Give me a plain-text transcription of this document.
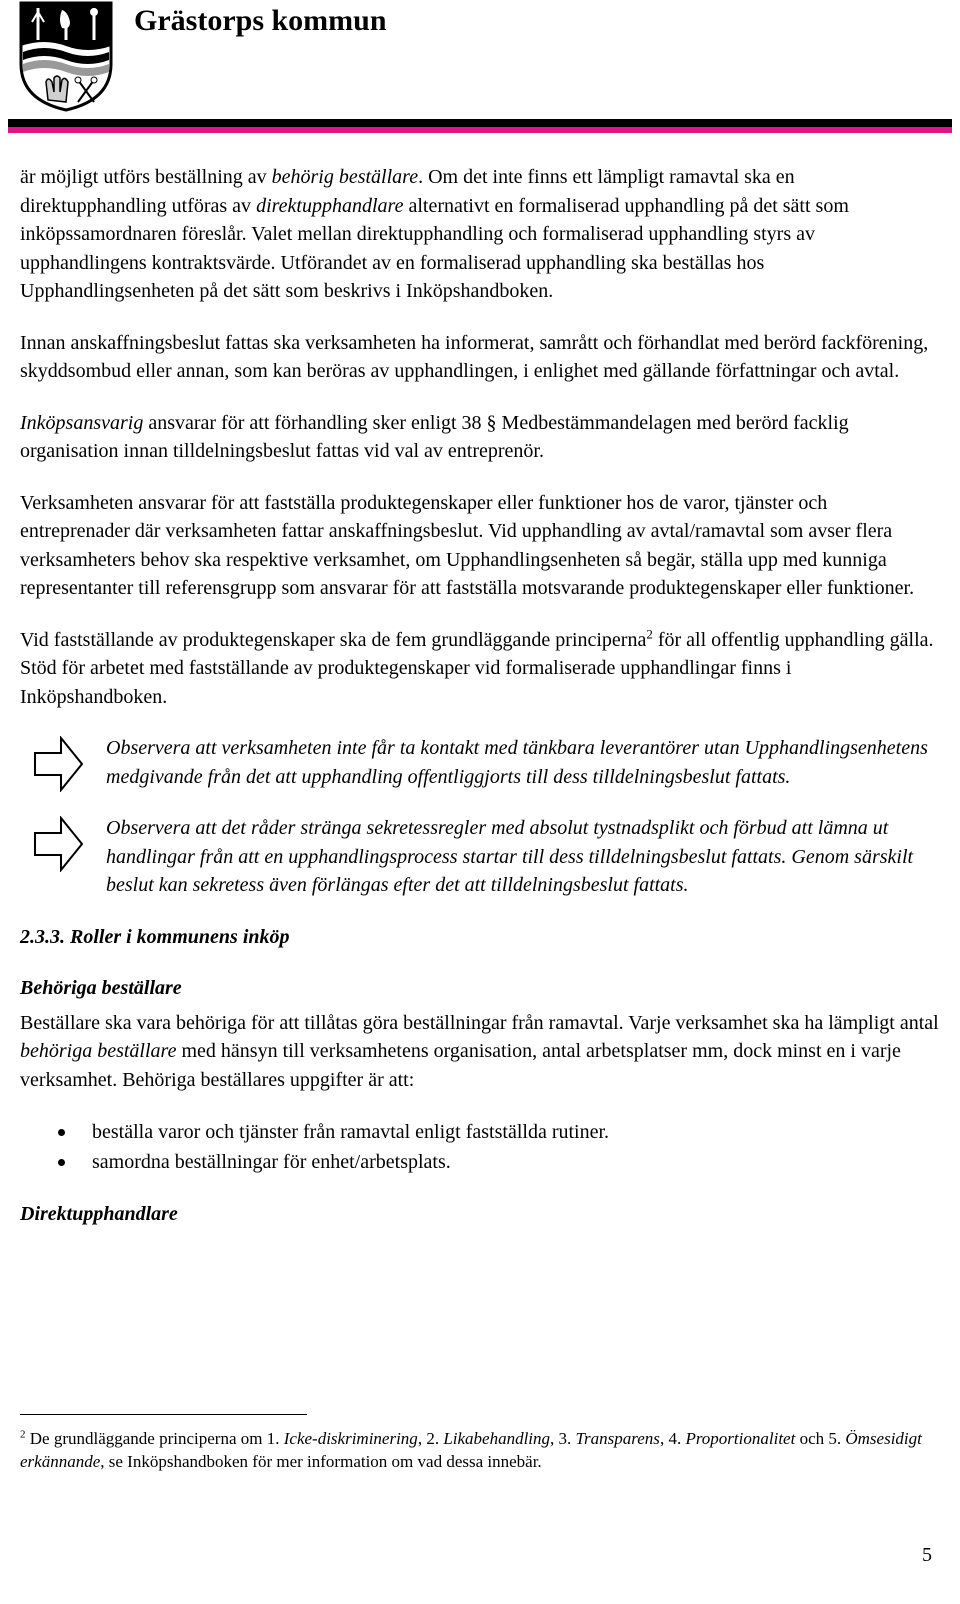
Grästorps kommun

är möjligt utförs beställning av behörig beställare. Om det inte finns ett lämpligt ramavtal ska en direktupphandling utföras av direktupphandlare alternativt en formaliserad upphandling på det sätt som inköpssamordnaren föreslår. Valet mellan direktupphandling och formaliserad upphandling styrs av upphandlingens kontraktsvärde. Utförandet av en formaliserad upphandling ska beställas hos Upphandlingsenheten på det sätt som beskrivs i Inköpshandboken.

Innan anskaffningsbeslut fattas ska verksamheten ha informerat, samrått och förhandlat med berörd fackförening, skyddsombud eller annan, som kan beröras av upphandlingen, i enlighet med gällande författningar och avtal.

Inköpsansvarig ansvarar för att förhandling sker enligt 38 § Medbestämmandelagen med berörd facklig organisation innan tilldelningsbeslut fattas vid val av entreprenör.

Verksamheten ansvarar för att fastställa produktegenskaper eller funktioner hos de varor, tjänster och entreprenader där verksamheten fattar anskaffningsbeslut. Vid upphandling av avtal/ramavtal som avser flera verksamheters behov ska respektive verksamhet, om Upphandlingsenheten så begär, ställa upp med kunniga representanter till referensgrupp som ansvarar för att fastställa motsvarande produktegenskaper eller funktioner.

Vid fastställande av produktegenskaper ska de fem grundläggande principerna$^2$ för all offentlig upphandling gälla. Stöd för arbetet med fastställande av produktegenskaper vid formaliserade upphandlingar finns i Inköpshandboken.

Observera att verksamheten inte får ta kontakt med tänkbara leverantörer utan Upphandlingsenhetens medgivande från det att upphandling offentliggjorts till dess tilldelningsbeslut fattats.

Observera att det råder stränga sekretessregler med absolut tystnadsplikt och förbud att lämna ut handlingar från att en upphandlingsprocess startar till dess tilldelningsbeslut fattats. Genom särskilt beslut kan sekretess även förlängas efter det att tilldelningsbeslut fattats.

2.3.3. Roller i kommunens inköp
Behöriga beställare

Beställare ska vara behöriga för att tillåtas göra beställningar från ramavtal. Varje verksamhet ska ha lämpligt antal behöriga beställare med hänsyn till verksamhetens organisation, antal arbetsplatser mm, dock minst en i varje verksamhet. Behöriga beställares uppgifter är att:

beställa varor och tjänster från ramavtal enligt fastställda rutiner.
samordna beställningar för enhet/arbetsplats.
Direktupphandlare
$^2$ De grundläggande principerna om 1. Icke-diskriminering, 2. Likabehandling, 3. Transparens, 4. Proportionalitet och 5. Ömsesidigt erkännande, se Inköpshandboken för mer information om vad dessa innebär.
5
